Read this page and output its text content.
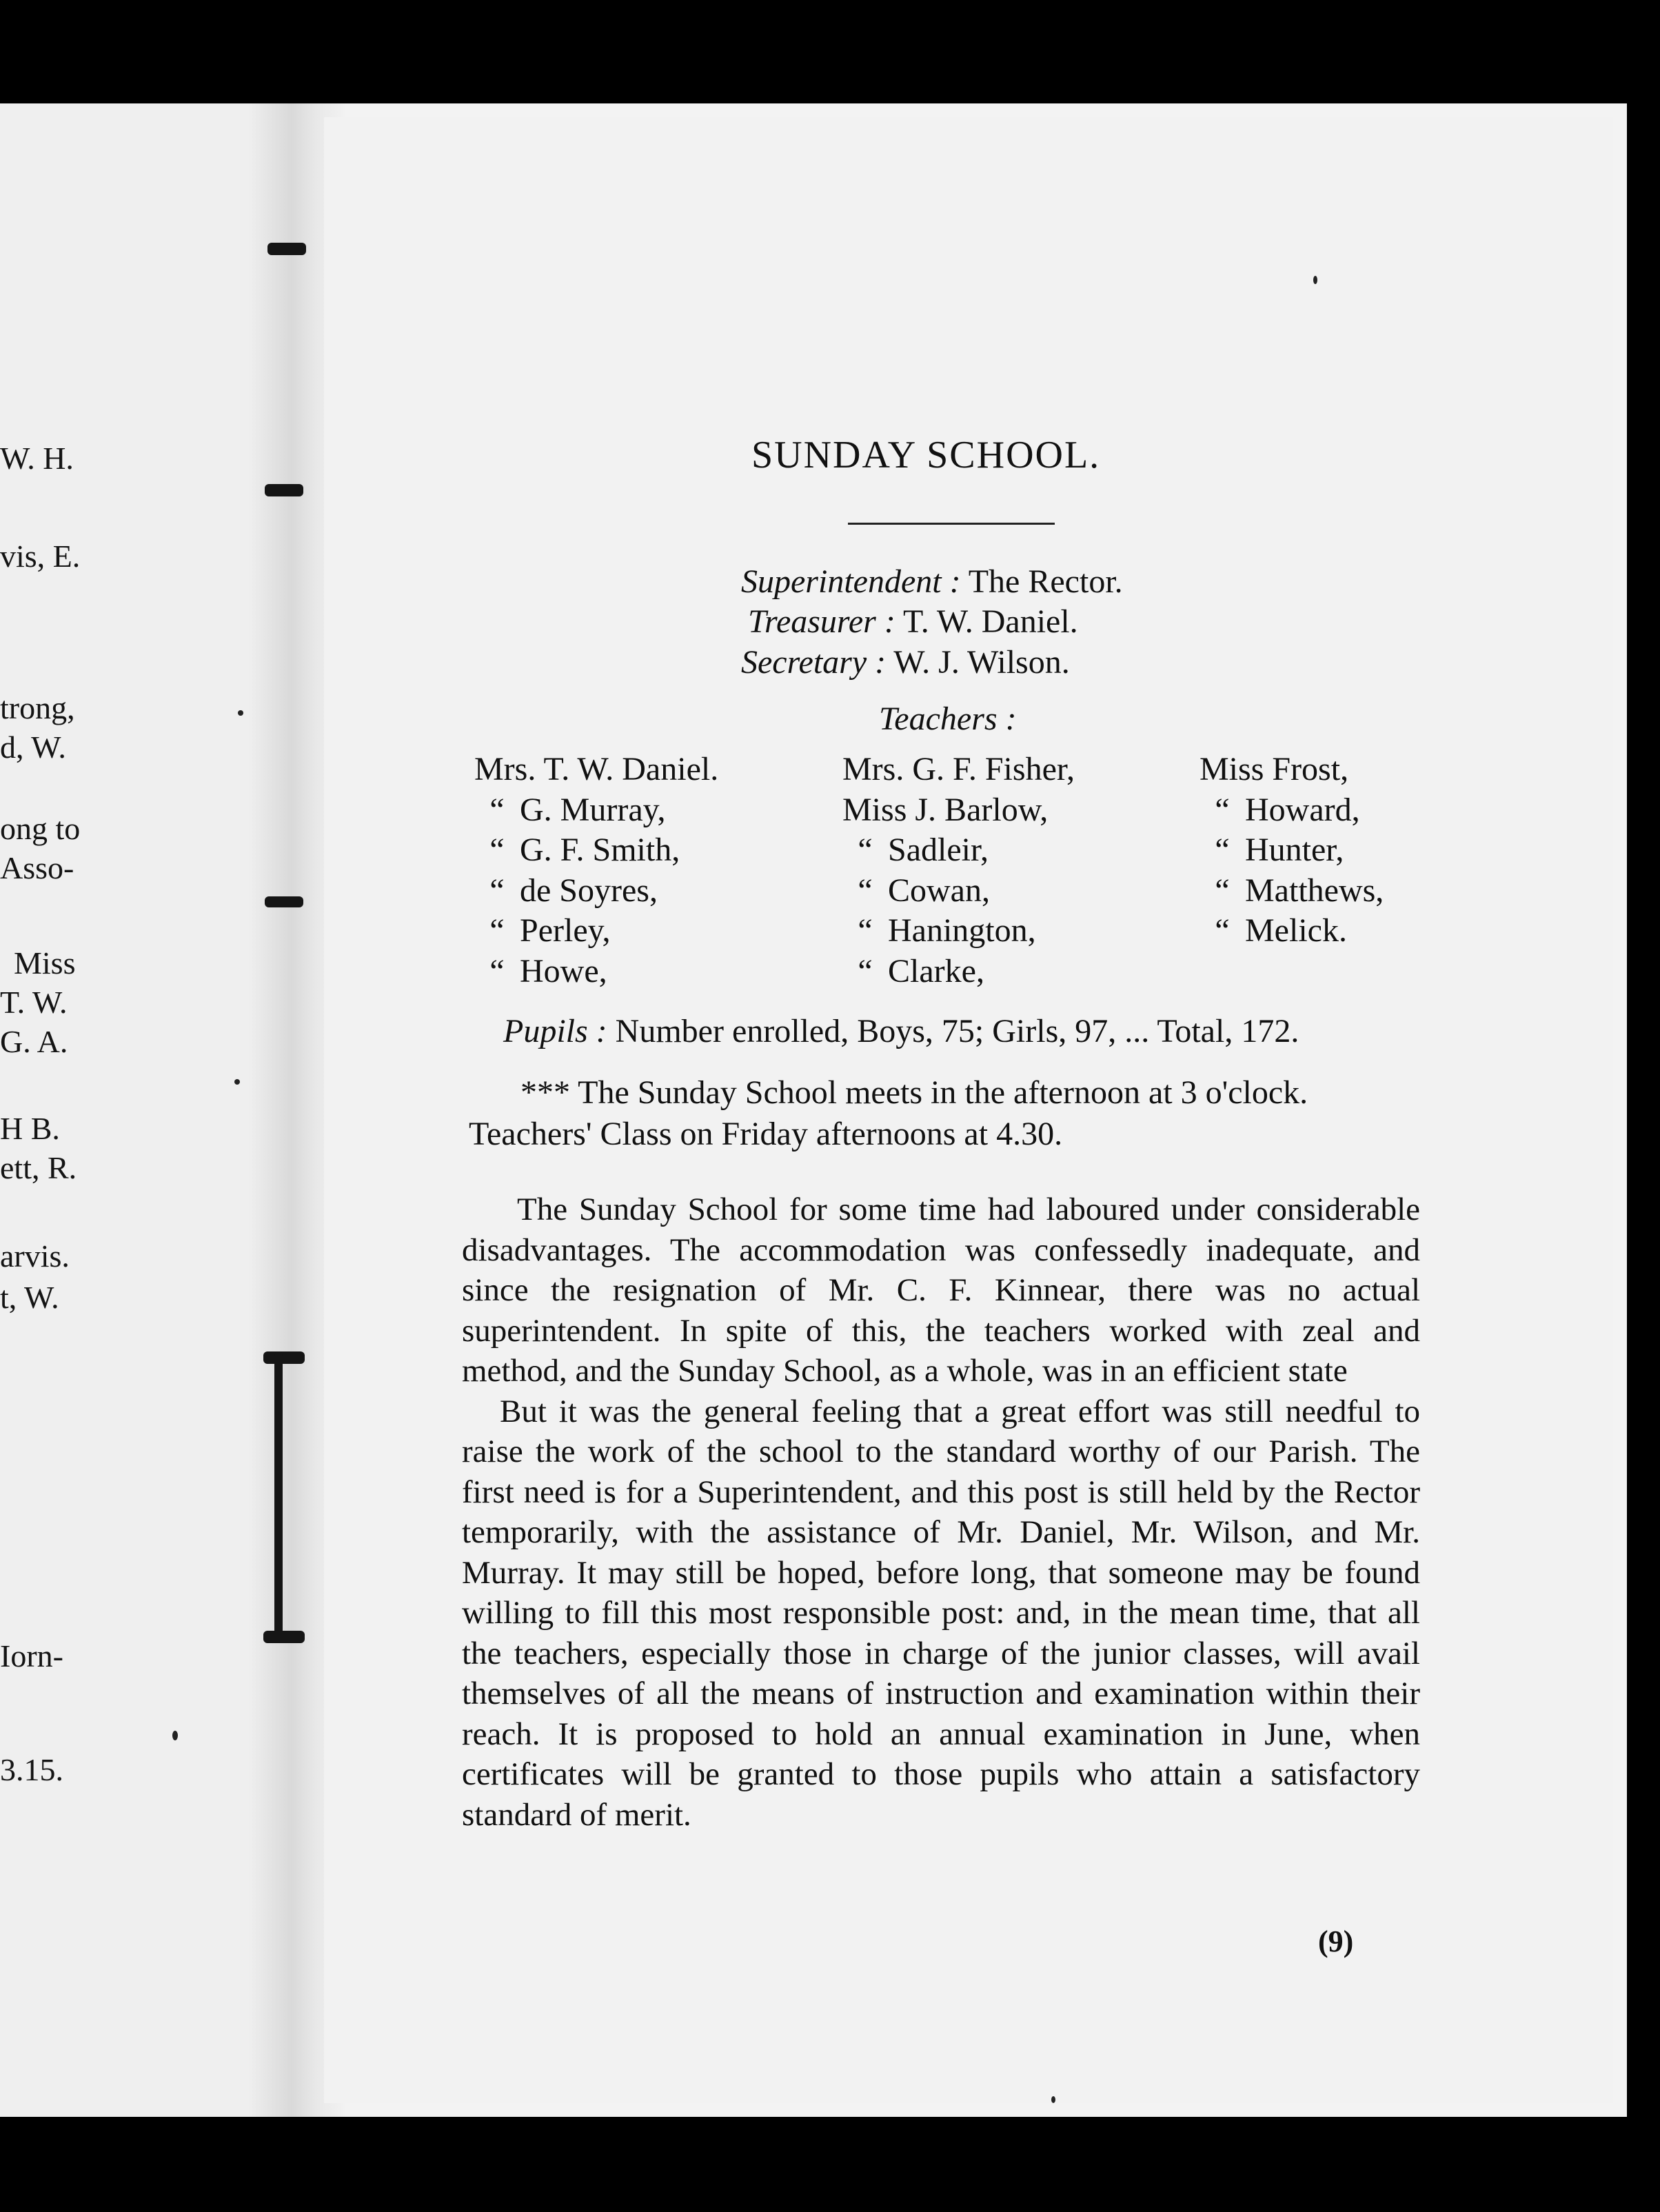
W. H.
vis, E.
trong,
d, W.
ong to
Asso-
Miss
T. W.
G. A.
H B.
ett, R.
arvis.
t, W.
Iorn-
3.15.
SUNDAY SCHOOL.
Superintendent : The Rector.
Treasurer : T. W. Daniel.
Secretary : W. J. Wilson.
Teachers :
Mrs. T. W. Daniel.
“ G. Murray,
“ G. F. Smith,
“ de Soyres,
“ Perley,
“ Howe,
Mrs. G. F. Fisher,
Miss J. Barlow,
“ Sadleir,
“ Cowan,
“ Hanington,
“ Clarke,
Miss Frost,
“ Howard,
“ Hunter,
“ Matthews,
“ Melick.
Pupils : Number enrolled, Boys, 75; Girls, 97, ... Total, 172.

*** The Sunday School meets in the afternoon at 3 o'clock.

Teachers' Class on Friday afternoons at 4.30.

The Sunday School for some time had laboured under considerable disadvantages. The accommodation was confessedly inadequate, and since the resignation of Mr. C. F. Kinnear, there was no actual superintendent. In spite of this, the teachers worked with zeal and method, and the Sunday School, as a whole, was in an efficient state

But it was the general feeling that a great effort was still needful to raise the work of the school to the standard worthy of our Parish. The first need is for a Superintendent, and this post is still held by the Rector temporarily, with the assistance of Mr. Daniel, Mr. Wilson, and Mr. Murray. It may still be hoped, before long, that someone may be found willing to fill this most responsible post: and, in the mean time, that all the teachers, especially those in charge of the junior classes, will avail themselves of all the means of instruction and examination within their reach. It is proposed to hold an annual examination in June, when certificates will be granted to those pupils who attain a satisfactory standard of merit.

(9)
